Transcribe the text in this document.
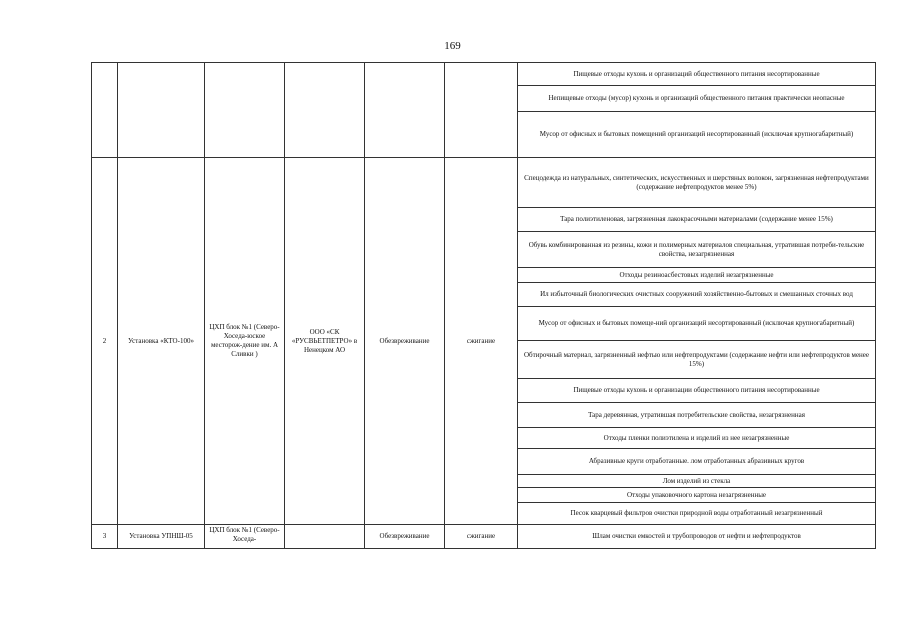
169
						Пищевые отходы кухонь и организаций общественного питания несортированные
						Непищевые отходы (мусор) кухонь и организаций общественного питания практически неопасные
						Мусор от офисных и бытовых помещений организаций несортированный (исключая крупногабаритный)
2	Установка «КТО-100»	ЦХП блок №1 (Северо-Хоседа-юское месторож-дение им. А Сливки )	ООО «СК «РУСВЬЕТПЕТРО» в Ненецком АО	Обезвреживание	сжигание	Спецодежда из натуральных, синтетических, искусственных и шерстяных волокон, загрязненная нефтепродуктами (содержание нефтепродуктов менее 5%)
						Тара полиэтиленовая, загрязненная лакокрасочными материалами (содержание менее 15%)
						Обувь комбинированная из резины, кожи и полимерных материалов специальная, утратившая потреби-тельские свойства, незагрязненная
						Отходы резиноасбестовых изделий незагрязненные
						Ил избыточный биологических очистных сооружений хозяйственно-бытовых и смешанных сточных вод
						Мусор от офисных и бытовых помеще-ний организаций несортированный (исключая крупногабаритный)
						Обтирочный материал, загрязненный нефтью или нефтепродуктами (содержание нефти или нефтепродуктов менее 15%)
						Пищевые отходы кухонь и организации общественного питания несортированные
						Тара деревянная, утратившая потребительские свойства, незагрязненная
						Отходы пленки полиэтилена и изделий из нее незагрязненные
						Абразивные круги отработанные. лом отработанных абразивных кругов
						Лом изделий из стекла
						Отходы упаковочного картона незагрязненные
						Песок кварцевый фильтров очистки природной воды отработанный незагрязненный
3	Установка УПНШ-05	ЦХП блок №1 (Северо-Хоседа-		Обезвреживание	сжигание	Шлам очистки емкостей и трубопроводов от нефти и нефтепродуктов
